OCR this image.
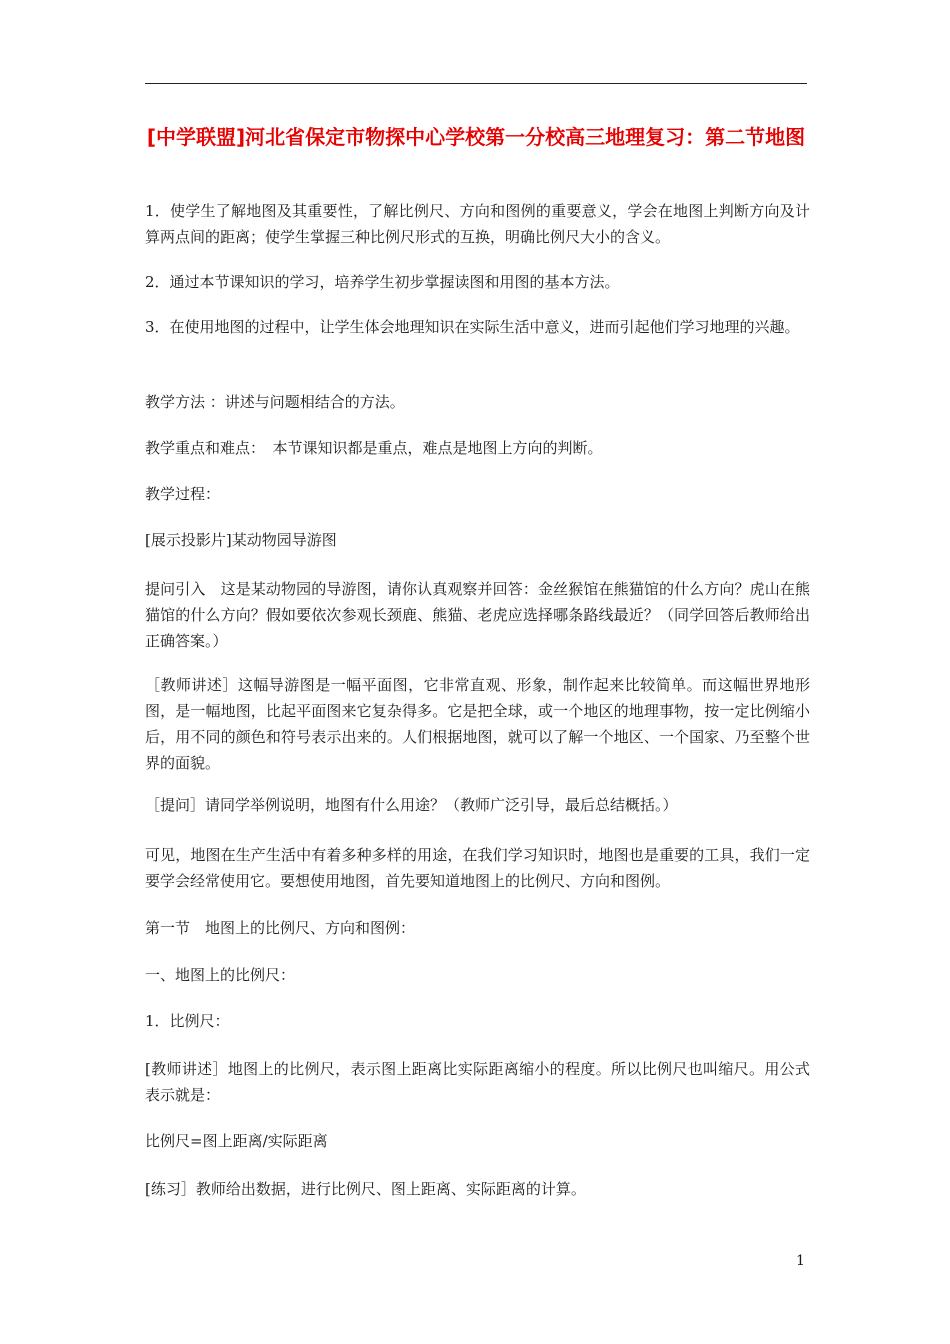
[中学联盟]河北省保定市物探中心学校第一分校高三地理复习：第二节地图

1．使学生了解地图及其重要性，了解比例尺、方向和图例的重要意义，学会在地图上判断方向及计算两点间的距离；使学生掌握三种比例尺形式的互换，明确比例尺大小的含义。

2．通过本节课知识的学习，培养学生初步掌握读图和用图的基本方法。

3．在使用地图的过程中，让学生体会地理知识在实际生活中意义，进而引起他们学习地理的兴趣。

教学方法 ：讲述与问题相结合的方法。

教学重点和难点：　本节课知识都是重点，难点是地图上方向的判断。

教学过程：

[展示投影片]某动物园导游图

提问引入　这是某动物园的导游图，请你认真观察并回答：金丝猴馆在熊猫馆的什么方向？虎山在熊猫馆的什么方向？假如要依次参观长颈鹿、熊猫、老虎应选择哪条路线最近？（同学回答后教师给出正确答案。）

［教师讲述］这幅导游图是一幅平面图，它非常直观、形象，制作起来比较简单。而这幅世界地形图，是一幅地图，比起平面图来它复杂得多。它是把全球，或一个地区的地理事物，按一定比例缩小后，用不同的颜色和符号表示出来的。人们根据地图，就可以了解一个地区、一个国家、乃至整个世界的面貌。

［提问］请同学举例说明，地图有什么用途？（教师广泛引导，最后总结概括。）

可见，地图在生产生活中有着多种多样的用途，在我们学习知识时，地图也是重要的工具，我们一定要学会经常使用它。要想使用地图，首先要知道地图上的比例尺、方向和图例。

第一节　地图上的比例尺、方向和图例：

一、地图上的比例尺：

1．比例尺：

[教师讲述］地图上的比例尺，表示图上距离比实际距离缩小的程度。所以比例尺也叫缩尺。用公式表示就是：

比例尺=图上距离/实际距离

[练习］教师给出数据，进行比例尺、图上距离、实际距离的计算。

1
